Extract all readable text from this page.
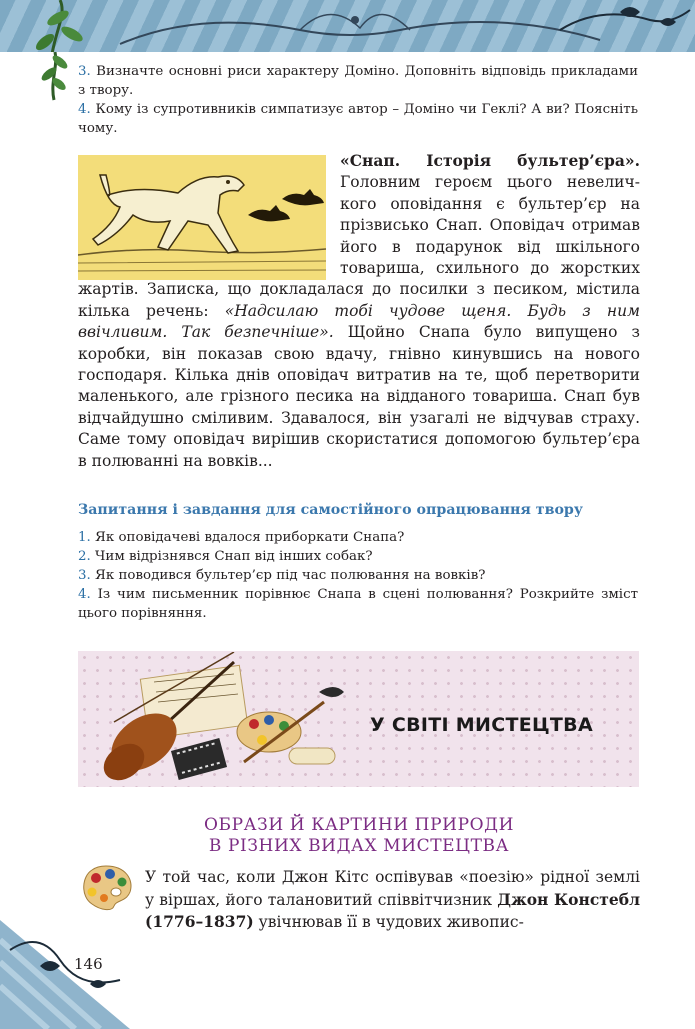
3. Визначте основні риси характеру Доміно. Доповніть відповідь прикладами з твору.

4. Кому із супротивників симпатизує автор – Доміно чи Геклі? А ви? Поясніть чому.

«Снап. Історія бультер’єра». Головним героєм цього невеличкого оповідання є бультер’єр на прізвисько Снап. Оповідач отримав його в подарунок від шкільного товариша, схильного до жорстких жартів. Записка, що докладалася до посилки з песиком, містила кілька речень: «Надсилаю тобі чудове щеня. Будь з ним ввічливим. Так безпечніше». Щойно Снапа було випущено з коробки, він показав свою вдачу, гнівно кинувшись на нового господаря. Кілька днів оповідач витратив на те, щоб перетворити маленького, але грізного песика на відданого товариша. Снап був відчайдушно сміливим. Здавалося, він узагалі не відчував страху. Саме тому оповідач вирішив скористатися допомогою бультер’єра в полюванні на вовків...

Запитання і завдання для самостійного опрацювання твору

1. Як оповідачеві вдалося приборкати Снапа?

2. Чим відрізнявся Снап від інших собак?

3. Як поводився бультер’єр під час полювання на вовків?

4. Із чим письменник порівнює Снапа в сцені полювання? Розкрийте зміст цього порівняння.

У СВІТІ МИСТЕЦТВА
ОБРАЗИ Й КАРТИНИ ПРИРОДИ
В РІЗНИХ ВИДАХ МИСТЕЦТВА

У той час, коли Джон Кітс оспівував «поезію» рідної землі у віршах, його талановитий співвітчизник Джон Констебл (1776–1837) увічнював її в чудових живопис-

146
